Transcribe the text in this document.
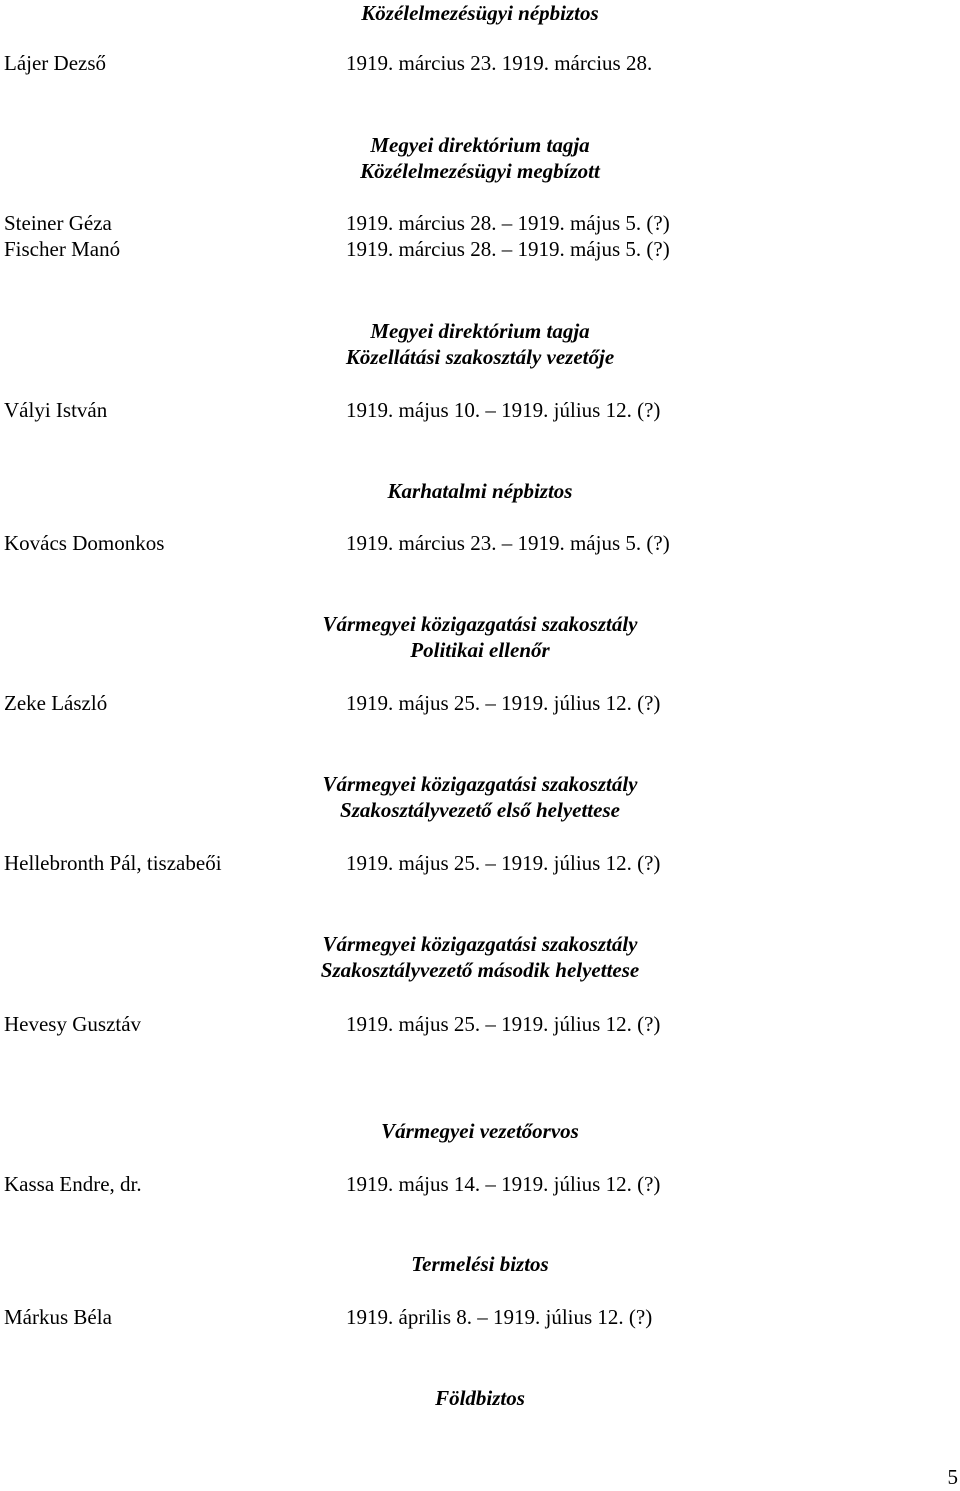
Közélelmezésügyi népbiztos
Lájer Dezső	1919. március 23. 1919. március 28.
Megyei direktórium tagja
Közélelmezésügyi megbízott
Steiner Géza	1919. március 28. – 1919. május 5. (?)
Fischer Manó	1919. március 28. – 1919. május 5. (?)
Megyei direktórium tagja
Közellátási szakosztály vezetője
Vályi István	1919. május 10. – 1919. július 12. (?)
Karhatalmi népbiztos
Kovács Domonkos	1919. március 23. – 1919. május 5. (?)
Vármegyei közigazgatási szakosztály
Politikai ellenőr
Zeke László	1919. május 25. – 1919. július 12. (?)
Vármegyei közigazgatási szakosztály
Szakosztályvezető első helyettese
Hellebronth Pál, tiszabeői	1919. május 25. – 1919. július 12. (?)
Vármegyei közigazgatási szakosztály
Szakosztályvezető második helyettese
Hevesy Gusztáv	1919. május 25. – 1919. július 12. (?)
Vármegyei vezetőorvos
Kassa Endre, dr.	1919. május 14. – 1919. július 12. (?)
Termelési biztos
Márkus Béla	1919. április 8. – 1919. július 12. (?)
Földbiztos
5
